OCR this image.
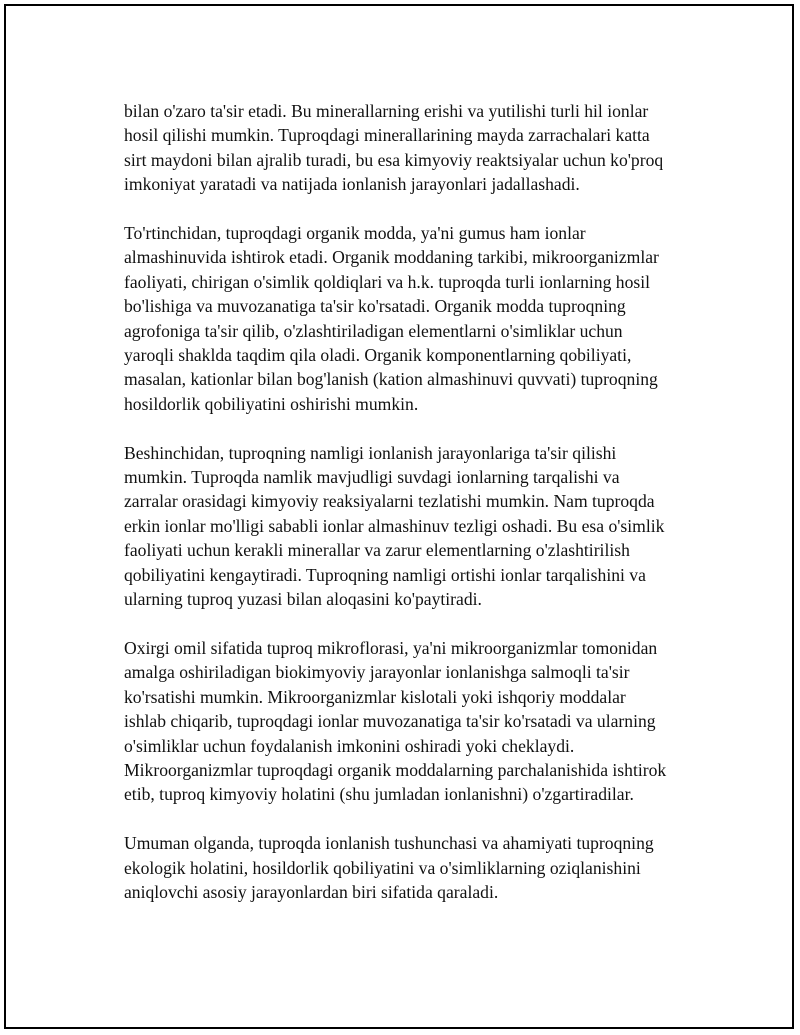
bilan o'zaro ta'sir etadi. Bu minerallarning erishi va yutilishi turli hil ionlar
hosil qilishi mumkin. Tuproqdagi minerallarining mayda zarrachalari katta
sirt maydoni bilan ajralib turadi, bu esa kimyoviy reaktsiyalar uchun ko'proq
imkoniyat yaratadi va natijada ionlanish jarayonlari jadallashadi.

To'rtinchidan, tuproqdagi organik modda, ya'ni gumus ham ionlar
almashinuvida ishtirok etadi. Organik moddaning tarkibi, mikroorganizmlar
faoliyati, chirigan o'simlik qoldiqlari va h.k. tuproqda turli ionlarning hosil
bo'lishiga va muvozanatiga ta'sir ko'rsatadi. Organik modda tuproqning
agrofoniga ta'sir qilib, o'zlashtiriladigan elementlarni o'simliklar uchun
yaroqli shaklda taqdim qila oladi. Organik komponentlarning qobiliyati,
masalan, kationlar bilan bog'lanish (kation almashinuvi quvvati) tuproqning
hosildorlik qobiliyatini oshirishi mumkin.

Beshinchidan, tuproqning namligi ionlanish jarayonlariga ta'sir qilishi
mumkin. Tuproqda namlik mavjudligi suvdagi ionlarning tarqalishi va
zarralar orasidagi kimyoviy reaksiyalarni tezlatishi mumkin. Nam tuproqda
erkin ionlar mo'lligi sababli ionlar almashinuv tezligi oshadi. Bu esa o'simlik
faoliyati uchun kerakli minerallar va zarur elementlarning o'zlashtirilish
qobiliyatini kengaytiradi. Tuproqning namligi ortishi ionlar tarqalishini va
ularning tuproq yuzasi bilan aloqasini ko'paytiradi.

Oxirgi omil sifatida tuproq mikroflorasi, ya'ni mikroorganizmlar tomonidan
amalga oshiriladigan biokimyoviy jarayonlar ionlanishga salmoqli ta'sir
ko'rsatishi mumkin. Mikroorganizmlar kislotali yoki ishqoriy moddalar
ishlab chiqarib, tuproqdagi ionlar muvozanatiga ta'sir ko'rsatadi va ularning
o'simliklar uchun foydalanish imkonini oshiradi yoki cheklaydi.
Mikroorganizmlar tuproqdagi organik moddalarning parchalanishida ishtirok
etib, tuproq kimyoviy holatini (shu jumladan ionlanishni) o'zgartiradilar.

Umuman olganda, tuproqda ionlanish tushunchasi va ahamiyati tuproqning
ekologik holatini, hosildorlik qobiliyatini va o'simliklarning oziqlanishini
aniqlovchi asosiy jarayonlardan biri sifatida qaraladi.
